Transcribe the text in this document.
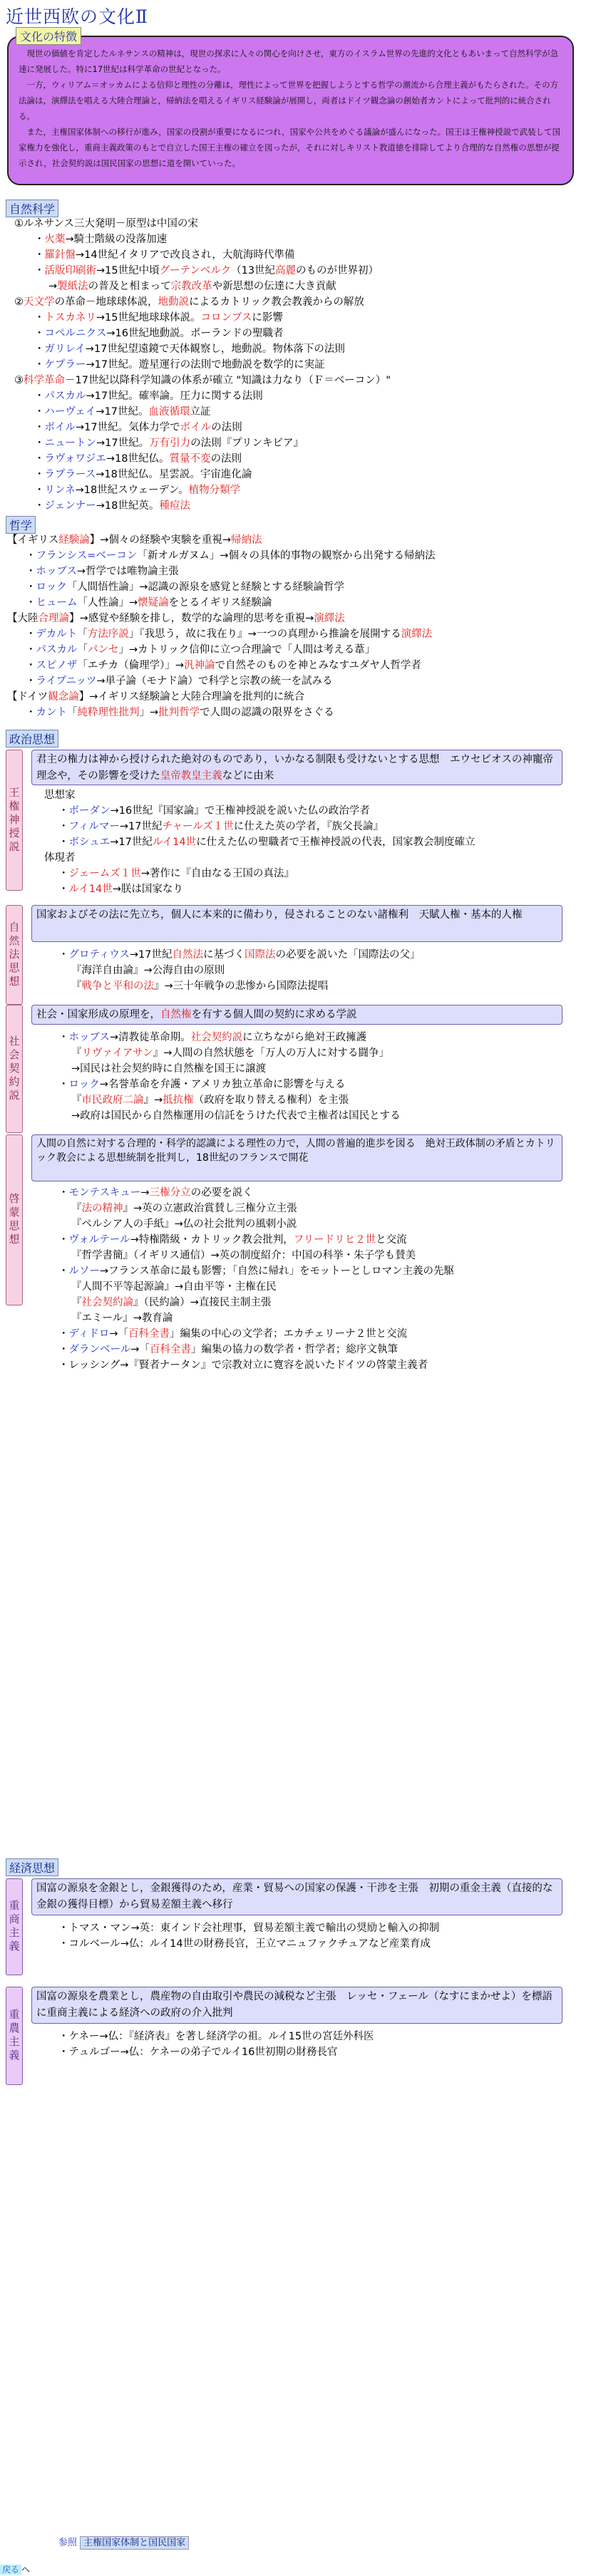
近世西欧の文化Ⅱ
文化の特徴

　現世の価値を肯定したルネサンスの精神は，現世の探求に人々の関心を向けさせ，東方のイスラム世界の先進的文化ともあいまって自然科学が急速に発展した。特に17世紀は科学革命の世紀となった。

　一方，ウィリアム＝オッカムによる信仰と理性の分離は，理性によって世界を把握しようとする哲学の潮流から合理主義がもたらされた。その方法論は，演繹法を唱える大陸合理論と，帰納法を唱えるイギリス経験論が展開し，両者はドイツ観念論の創始者カントによって批判的に統合される。

　また，主権国家体制への移行が進み，国家の役割が重要になるにつれ，国家や公共をめぐる議論が盛んになった。国王は王権神授説で武装して国家権力を強化し，重商主義政策のもとで自立した国王主権の確立を図ったが，それに対しキリスト教道徳を排除してより合理的な自然権の思想が提示され，社会契約説は国民国家の思想に道を開いていった。

自然科学
①ルネサンス三大発明－原型は中国の宋
・火薬→騎士階級の没落加速
・羅針盤→14世紀イタリアで改良され，大航海時代準備
・活版印刷術→15世紀中頃グーテンベルク（13世紀高麗のものが世界初）
→製紙法の普及と相まって宗教改革や新思想の伝達に大き貢献
②天文学の革命－地球球体説，地動説によるカトリック教会教義からの解放
・トスカネリ→15世紀地球球体説。コロンブスに影響
・コペルニクス→16世紀地動説。ポーランドの聖職者
・ガリレイ→17世紀望遠鏡で天体観察し，地動説。物体落下の法則
・ケプラー→17世紀。遊星運行の法則で地動説を数学的に実証
③科学革命－17世紀以降科学知識の体系が確立 "知識は力なり（Ｆ＝ベーコン）"
・パスカル→17世紀。確率論。圧力に関する法則
・ハーヴェイ→17世紀。血液循環立証
・ボイル→17世紀。気体力学でボイルの法則
・ニュートン→17世紀。万有引力の法則『プリンキピア』
・ラヴォワジエ→18世紀仏。質量不変の法則
・ラプラース→18世紀仏。星雲説。宇宙進化論
・リンネ→18世紀スウェーデン。植物分類学
・ジェンナー→18世紀英。種痘法
哲学
【イギリス経験論】→個々の経験や実験を重視→帰納法
・フランシス=ベーコン「新オルガヌム」→個々の具体的事物の観察から出発する帰納法
・ホッブス→哲学では唯物論主張
・ロック「人間悟性論」→認識の源泉を感覚と経験とする経験論哲学
・ヒューム「人性論」→懐疑論をとるイギリス経験論
【大陸合理論】→感覚や経験を排し，数学的な論理的思考を重視→演繹法
・デカルト「方法序説」『我思う，故に我在り』→一つの真理から推論を展開する演繹法
・パスカル「パンセ」→カトリック信仰に立つ合理論で「人間は考える葦」
・スピノザ「エチカ（倫理学）」→汎神論で自然そのものを神とみなすユダヤ人哲学者
・ライプニッツ→単子論（モナド論）で科学と宗教の統一を試みる
【ドイツ観念論】→イギリス経験論と大陸合理論を批判的に統合
・カント「純粋理性批判」→批判哲学で人間の認識の限界をさぐる
政治思想
王権神授説
君主の権力は神から授けられた絶対のものであり，いかなる制限も受けないとする思想　エウセビオスの神寵帝理念や，その影響を受けた皇帝教皇主義などに由来
思想家
・ボーダン→16世紀『国家論』で王権神授説を説いた仏の政治学者
・フィルマー→17世紀チャールズ１世に仕えた英の学者，『族父長論』
・ボシュエ→17世紀ルイ14世に仕えた仏の聖職者で王権神授説の代表，国家教会制度確立
体現者
・ジェームズ１世→著作に『自由なる王国の真法』
・ルイ14世→朕は国家なり
自然法思想
国家およびその法に先立ち，個人に本来的に備わり，侵されることのない諸権利　天賦人権・基本的人権
・グロティウス→17世紀自然法に基づく国際法の必要を説いた「国際法の父」
『海洋自由論』→公海自由の原則
『戦争と平和の法』→三十年戦争の悲惨から国際法提唱
社会契約説
社会・国家形成の原理を，自然権を有する個人間の契約に求める学説
・ホッブス→清教徒革命期。社会契約説に立ちながら絶対王政擁護
『リヴァイアサン』→人間の自然状態を「万人の万人に対する闘争」
→国民は社会契約時に自然権を国王に譲渡
・ロック→名誉革命を弁護・アメリカ独立革命に影響を与える
『市民政府二論』→抵抗権（政府を取り替える権利）を主張
→政府は国民から自然権運用の信託をうけた代表で主権者は国民とする
啓蒙思想
人間の自然に対する合理的・科学的認識による理性の力で，人間の普遍的進歩を図る　絶対王政体制の矛盾とカトリック教会による思想統制を批判し，18世紀のフランスで開花
・モンテスキュー→三権分立の必要を説く
『法の精神』→英の立憲政治賞賛し三権分立主張
『ペルシア人の手紙』→仏の社会批判の風刺小説
・ヴォルテール→特権階級・カトリック教会批判，フリードリヒ２世と交流
『哲学書簡』（イギリス通信）→英の制度紹介：中国の科挙・朱子学も賛美
・ルソー→フランス革命に最も影響；「自然に帰れ」をモットーとしロマン主義の先駆
『人間不平等起源論』→自由平等・主権在民
『社会契約論』（民約論）→直接民主制主張
『エミール』→教育論
・ディドロ→「百科全書」編集の中心の文学者；エカチェリーナ２世と交流
・ダランベール→「百科全書」編集の協力の数学者・哲学者；総序文執筆
・レッシング→『賢者ナータン』で宗教対立に寛容を説いたドイツの啓蒙主義者
経済思想
重商主義
国富の源泉を金銀とし，金銀獲得のため，産業・貿易への国家の保護・干渉を主張　初期の重金主義（直接的な金銀の獲得目標）から貿易差額主義へ移行
・トマス・マン→英：東インド会社理事，貿易差額主義で輸出の奨励と輸入の抑制
・コルベール→仏：ルイ14世の財務長官，王立マニュファクチュアなど産業育成
重農主義
国富の源泉を農業とし，農産物の自由取引や農民の減税など主張　レッセ・フェール（なすにまかせよ）を標語に重商主義による経済への政府の介入批判
・ケネー→仏：『経済表』を著し経済学の祖。ルイ15世の宮廷外科医
・テュルゴー→仏：ケネーの弟子でルイ16世初期の財務長官
参照 主権国家体制と国民国家
戻る へ
